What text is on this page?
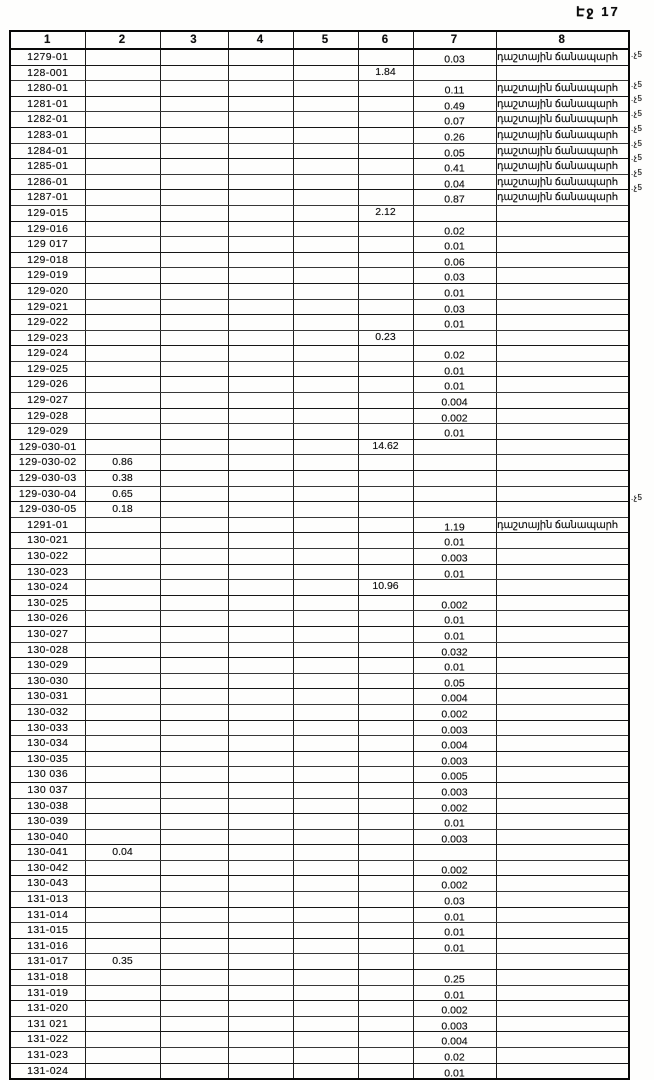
Էջ 17
1	2	3	4	5	6	7	8
1279-01						0.03	դաշտային ճանապարհ
128-001					1.84		
1280-01						0.11	դաշտային ճանապարհ
1281-01						0.49	դաշտային ճանապարհ
1282-01						0.07	դաշտային ճանապարհ
1283-01						0.26	դաշտային ճանապարհ
1284-01						0.05	դաշտային ճանապարհ
1285-01						0.41	դաշտային ճանապարհ
1286-01						0.04	դաշտային ճանապարհ
1287-01						0.87	դաշտային ճանապարհ
129-015					2.12		
129-016						0.02	
129 017						0.01	
129-018						0.06	
129-019						0.03	
129-020						0.01	
129-021						0.03	
129-022						0.01	
129-023					0.23		
129-024						0.02	
129-025						0.01	
129-026						0.01	
129-027						0.004	
129-028						0.002	
129-029						0.01	
129-030-01					14.62		
129-030-02	0.86						
129-030-03	0.38						
129-030-04	0.65						
129-030-05	0.18						
1291-01						1.19	դաշտային ճանապարհ
130-021						0.01	
130-022						0.003	
130-023						0.01	
130-024					10.96		
130-025						0.002	
130-026						0.01	
130-027						0.01	
130-028						0.032	
130-029						0.01	
130-030						0.05	
130-031						0.004	
130-032						0.002	
130-033						0.003	
130-034						0.004	
130-035						0.003	
130 036						0.005	
130 037						0.003	
130-038						0.002	
130-039						0.01	
130-040						0.003	
130-041	0.04						
130-042						0.002	
130-043						0.002	
131-013						0.03	
131-014						0.01	
131-015						0.01	
131-016						0.01	
131-017	0.35						
131-018						0.25	
131-019						0.01	
131-020						0.002	
131 021						0.003	
131-022						0.004	
131-023						0.02	
131-024						0.01	
.չ5
.չ5
.չ5
.չ5
.չ5
.չ5
.չ5
.չ5
.չ5
.չ5
